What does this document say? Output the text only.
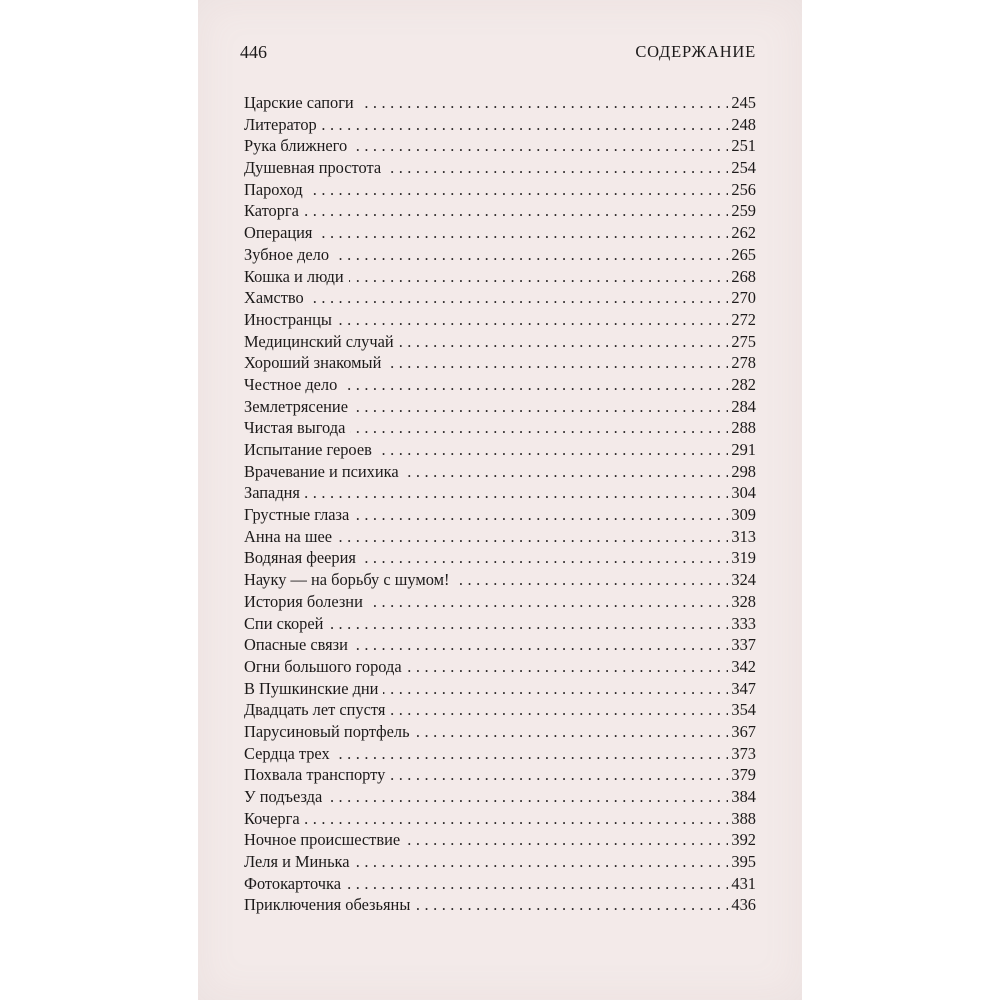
446	СОДЕРЖАНИЕ
Царские сапоги	245
. . .
Литератор	248
. . .
Рука ближнего	251
. . .
Душевная простота	254
. . .
Пароход	256
. . .
Каторга	259
. . .
Операция	262
. . .
Зубное дело	265
. . .
Кошка и люди	268
. . .
Хамство	270
. . .
Иностранцы	272
. . .
Медицинский случай	275
. . .
Хороший знакомый	278
. . .
Честное дело	282
. . .
Землетрясение	284
. . .
Чистая выгода	288
. . .
Испытание героев	291
. . .
Врачевание и психика	298
. . .
Западня	304
. . .
Грустные глаза	309
. . .
Анна на шее	313
. . .
Водяная феерия	319
. . .
Науку — на борьбу с шумом!	324
. . .
История болезни	328
. . .
Спи скорей	333
. . .
Опасные связи	337
. . .
Огни большого города	342
. . .
В Пушкинские дни	347
. . .
Двадцать лет спустя	354
. . .
Парусиновый портфель	367
. . .
Сердца трех	373
. . .
Похвала транспорту	379
. . .
У подъезда	384
. . .
Кочерга	388
. . .
Ночное происшествие	392
. . .
Леля и Минька	395
. . .
Фотокарточка	431
. . .
Приключения обезьяны	436
. . .
